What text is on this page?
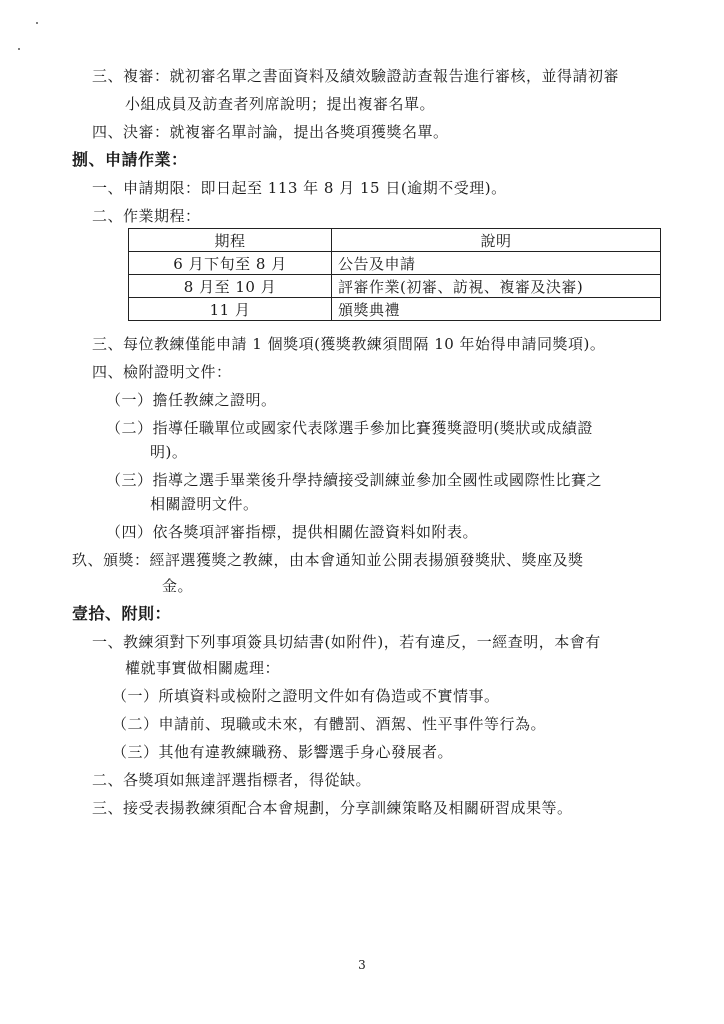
三、複審：就初審名單之書面資料及績效驗證訪查報告進行審核，並得請初審
小組成員及訪查者列席說明；提出複審名單。
四、決審：就複審名單討論，提出各獎項獲獎名單。
捌、申請作業：
一、申請期限：即日起至 113 年 8 月 15 日(逾期不受理)。
二、作業期程：
期程	說明
6 月下旬至 8 月	公告及申請
8 月至 10 月	評審作業(初審、訪視、複審及決審)
11 月	頒獎典禮
三、每位教練僅能申請 1 個獎項(獲獎教練須間隔 10 年始得申請同獎項)。
四、檢附證明文件：
（一）擔任教練之證明。
（二）指導任職單位或國家代表隊選手參加比賽獲獎證明(獎狀或成績證
明)。
（三）指導之選手畢業後升學持續接受訓練並參加全國性或國際性比賽之
相關證明文件。
（四）依各獎項評審指標，提供相關佐證資料如附表。
玖、頒獎：經評選獲獎之教練，由本會通知並公開表揚頒發獎狀、獎座及獎
金。
壹拾、附則：
一、教練須對下列事項簽具切結書(如附件)，若有違反，一經查明，本會有
權就事實做相關處理：
（一）所填資料或檢附之證明文件如有偽造或不實情事。
（二）申請前、現職或未來，有體罰、酒駕、性平事件等行為。
（三）其他有違教練職務、影響選手身心發展者。
二、各獎項如無達評選指標者，得從缺。
三、接受表揚教練須配合本會規劃，分享訓練策略及相關研習成果等。
3
